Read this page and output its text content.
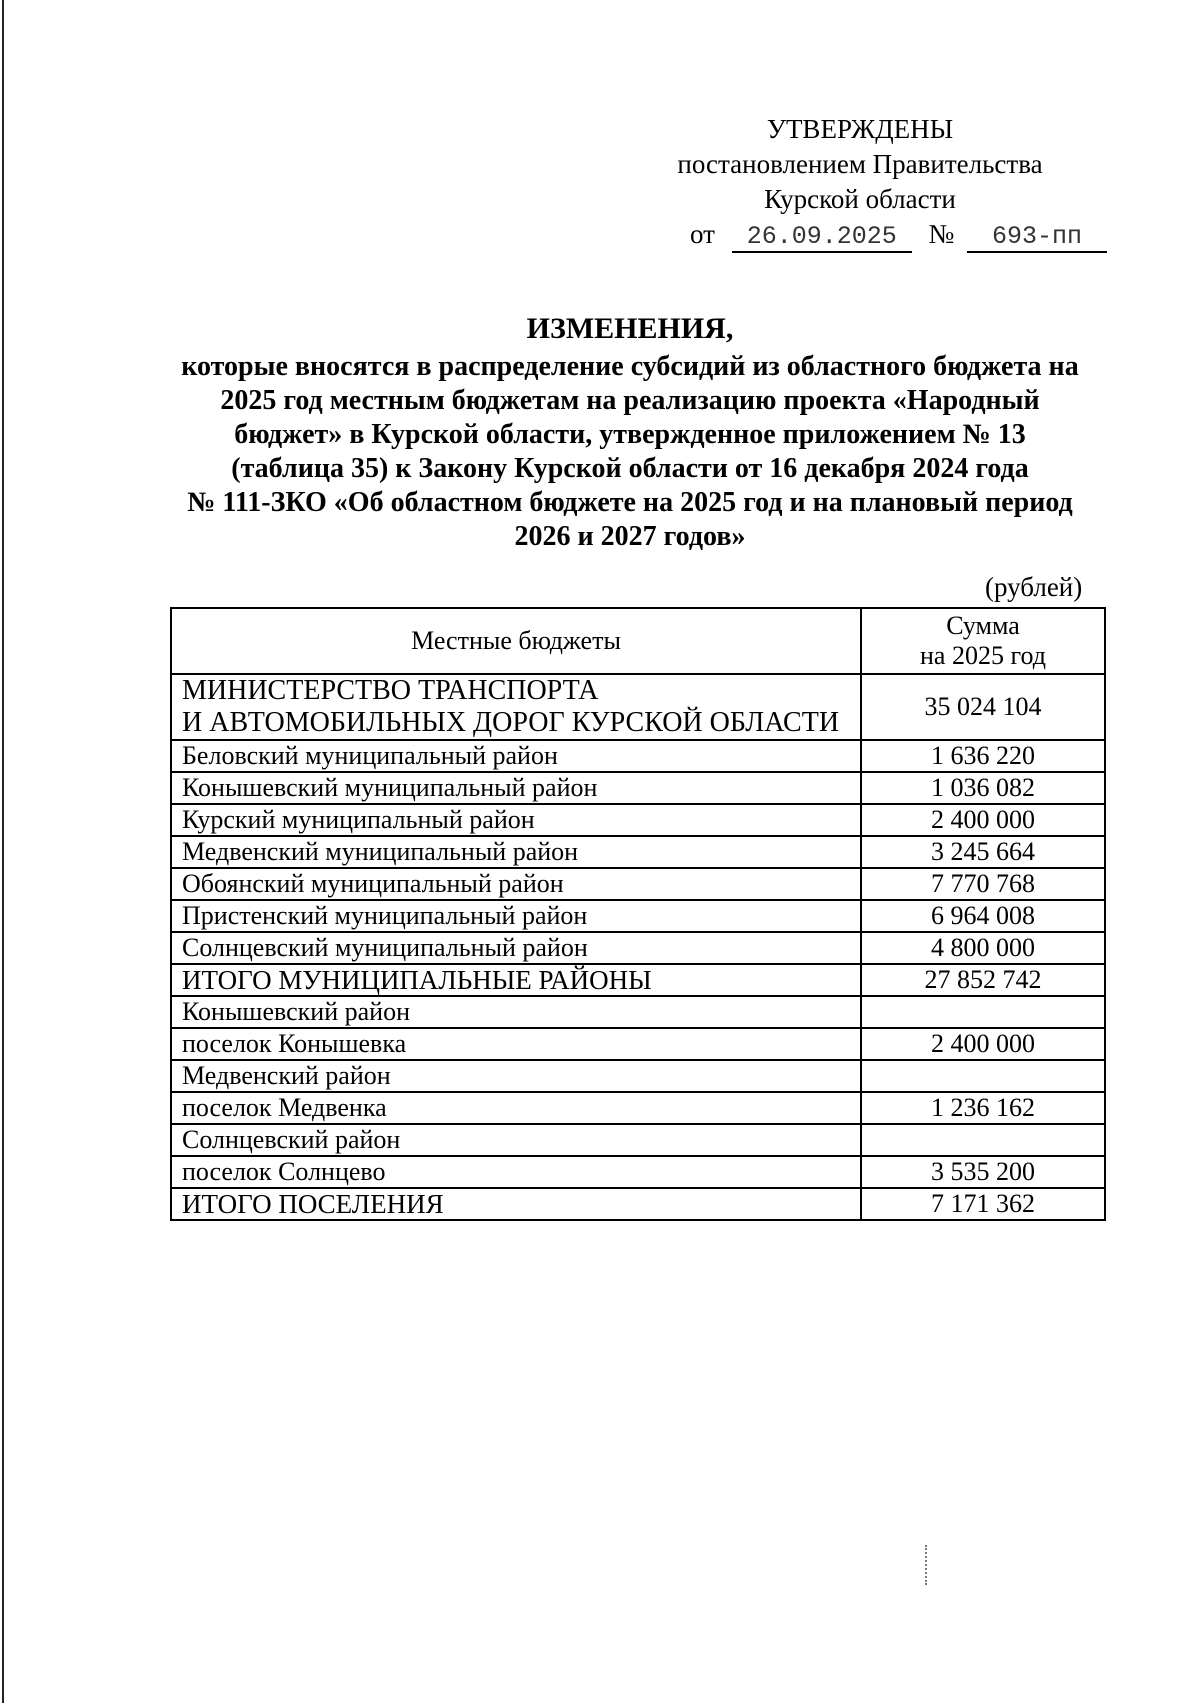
УТВЕРЖДЕНЫ
постановлением Правительства
Курской области
от 26.09.2025 № 693-пп
ИЗМЕНЕНИЯ,
которые вносятся в распределение субсидий из областного бюджета на
2025 год местным бюджетам на реализацию проекта «Народный
бюджет» в Курской области, утвержденное приложением № 13
(таблица 35) к Закону Курской области от 16 декабря 2024 года
№ 111-ЗКО «Об областном бюджете на 2025 год и на плановый период
2026 и 2027 годов»
(рублей)
Местные бюджеты	Сумма
на 2025 год
МИНИСТЕРСТВО ТРАНСПОРТА
И АВТОМОБИЛЬНЫХ ДОРОГ КУРСКОЙ ОБЛАСТИ	35 024 104
Беловский муниципальный район	1 636 220
Конышевский муниципальный район	1 036 082
Курский муниципальный район	2 400 000
Медвенский муниципальный район	3 245 664
Обоянский муниципальный район	7 770 768
Пристенский муниципальный район	6 964 008
Солнцевский муниципальный район	4 800 000
ИТОГО МУНИЦИПАЛЬНЫЕ РАЙОНЫ	27 852 742
Конышевский район	
поселок Конышевка	2 400 000
Медвенский район	
поселок Медвенка	1 236 162
Солнцевский район	
поселок Солнцево	3 535 200
ИТОГО ПОСЕЛЕНИЯ	7 171 362
